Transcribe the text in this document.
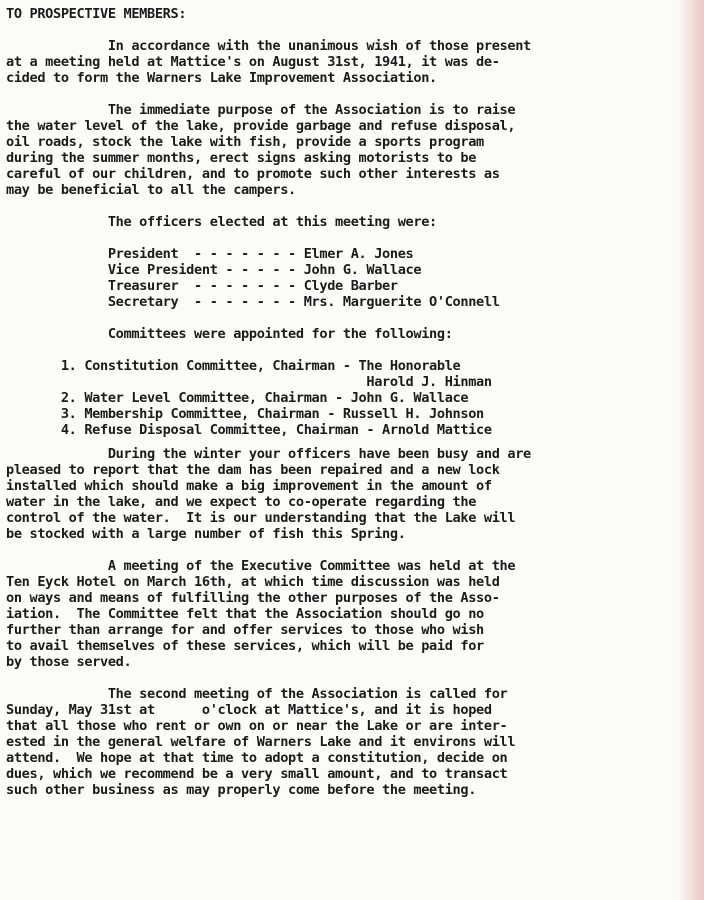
TO PROSPECTIVE MEMBERS:
In accordance with the unanimous wish of those present
at a meeting held at Mattice's on August 31st, 1941, it was de-
cided to form the Warners Lake Improvement Association.
The immediate purpose of the Association is to raise
the water level of the lake, provide garbage and refuse disposal,
oil roads, stock the lake with fish, provide a sports program
during the summer months, erect signs asking motorists to be
careful of our children, and to promote such other interests as
may be beneficial to all the campers.
The officers elected at this meeting were:
President  - - - - - - - Elmer A. Jones
Vice President - - - - - John G. Wallace
Treasurer  - - - - - - - Clyde Barber
Secretary  - - - - - - - Mrs. Marguerite O'Connell
Committees were appointed for the following:
1. Constitution Committee, Chairman - The Honorable
Harold J. Hinman
2. Water Level Committee, Chairman - John G. Wallace
3. Membership Committee, Chairman - Russell H. Johnson
4. Refuse Disposal Committee, Chairman - Arnold Mattice
During the winter your officers have been busy and are
pleased to report that the dam has been repaired and a new lock
installed which should make a big improvement in the amount of
water in the lake, and we expect to co-operate regarding the
control of the water.  It is our understanding that the Lake will
be stocked with a large number of fish this Spring.
A meeting of the Executive Committee was held at the
Ten Eyck Hotel on March 16th, at which time discussion was held
on ways and means of fulfilling the other purposes of the Asso-
iation.  The Committee felt that the Association should go no
further than arrange for and offer services to those who wish
to avail themselves of these services, which will be paid for
by those served.
The second meeting of the Association is called for
Sunday, May 31st at      o'clock at Mattice's, and it is hoped
that all those who rent or own on or near the Lake or are inter-
ested in the general welfare of Warners Lake and it environs will
attend.  We hope at that time to adopt a constitution, decide on
dues, which we recommend be a very small amount, and to transact
such other business as may properly come before the meeting.
